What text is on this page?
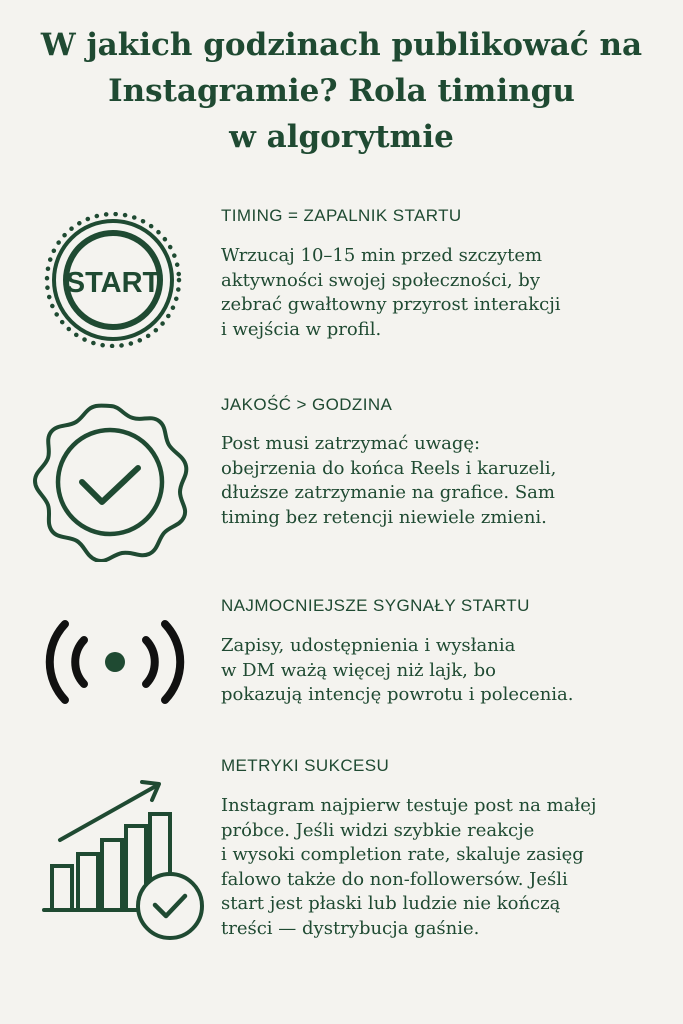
W jakich godzinach publikować na
Instagramie? Rola timingu
w algorytmie
START
TIMING = ZAPALNIK STARTU
Wrzucaj 10–15 min przed szczytem
aktywności swojej społeczności, by
zebrać gwałtowny przyrost interakcji
i wejścia w profil.
JAKOŚĆ > GODZINA
Post musi zatrzymać uwagę:
obejrzenia do końca Reels i karuzeli,
dłuższe zatrzymanie na grafice. Sam
timing bez retencji niewiele zmieni.
NAJMOCNIEJSZE SYGNAŁY STARTU
Zapisy, udostępnienia i wysłania
w DM ważą więcej niż lajk, bo
pokazują intencję powrotu i polecenia.
METRYKI SUKCESU
Instagram najpierw testuje post na małej
próbce. Jeśli widzi szybkie reakcje
i wysoki completion rate, skaluje zasięg
falowo także do non-followersów. Jeśli
start jest płaski lub ludzie nie kończą
treści — dystrybucja gaśnie.
